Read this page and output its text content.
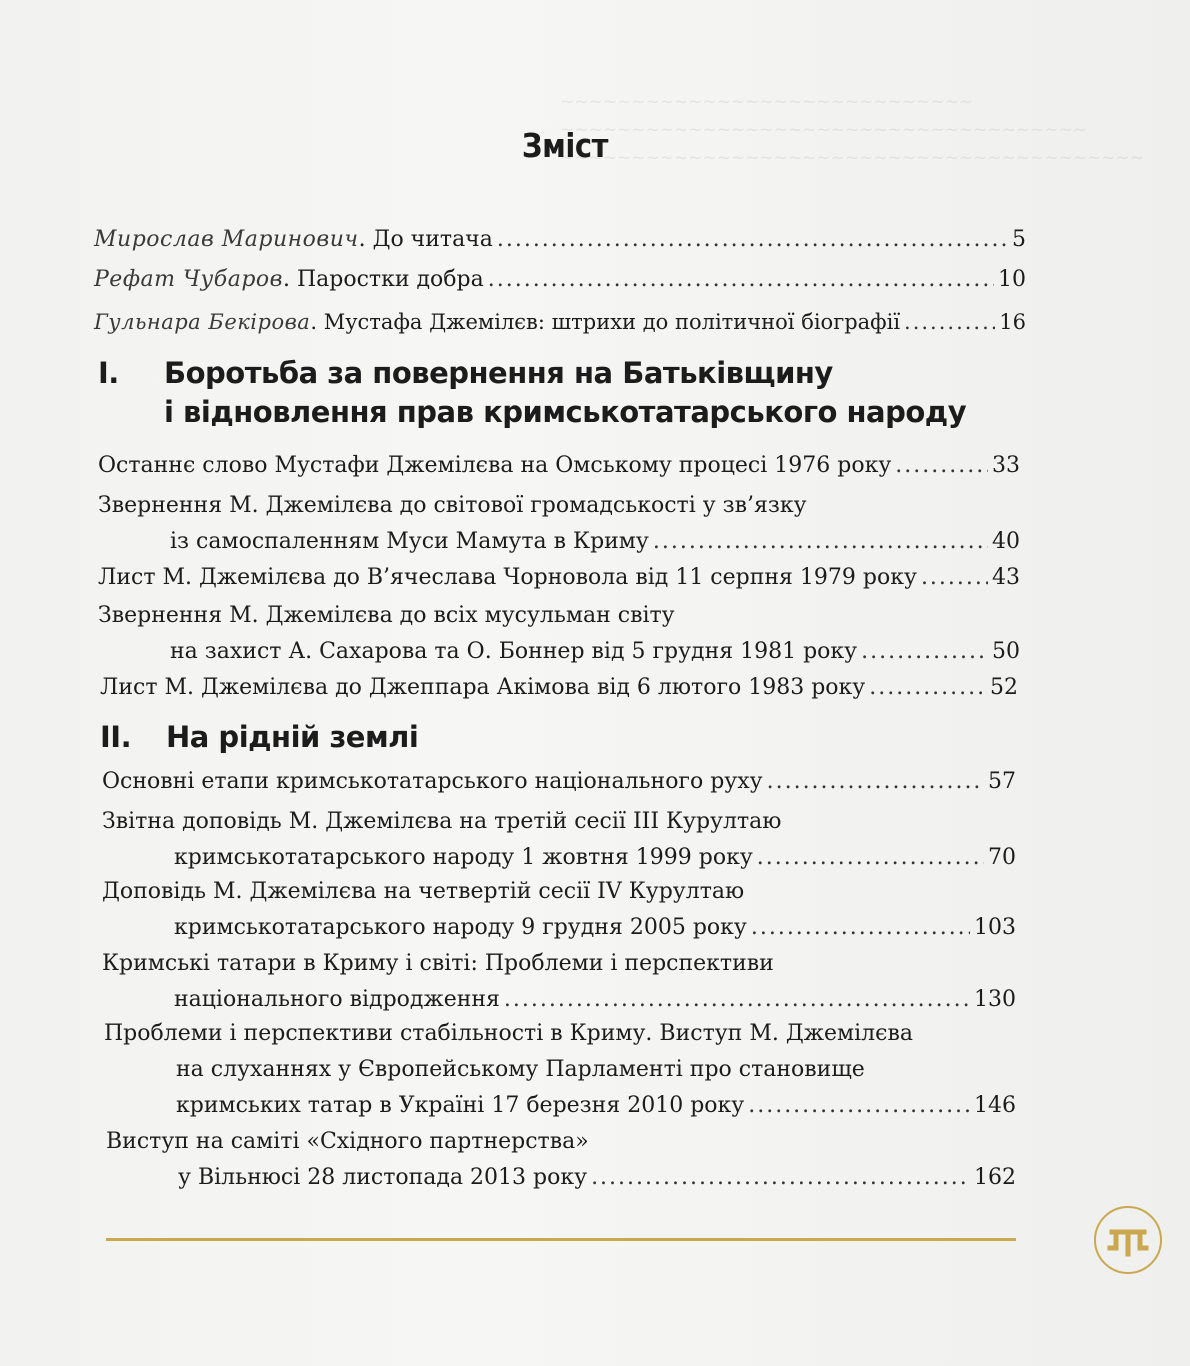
~~~~~~~~~~~~~~~~~~~~~~~~~~~~~
~~~~~~~~~~~~~~~~~~~~~~~~~~~~~~~~~~~~~
~~~~~~~~~~~~~~~~~~~~~~~~~~~~~~~~~~~~~~~~~
Зміст
Мирослав Маринович. До читача .....	5
Рефат Чубаров. Паростки добра .....	10
Гульнара Бекірова. Мустафа Джемілєв: штрихи до політичної біографії .....	16
I. Боротьба за повернення на Батьківщину
і відновлення прав кримськотатарського народу
Останнє слово Мустафи Джемілєва на Омському процесі 1976 року .....	33
Звернення М. Джемілєва до світової громадськості у зв’язку
із самоспаленням Муси Мамута в Криму .....	40
Лист М. Джемілєва до В’ячеслава Чорновола від 11 серпня 1979 року .....	43
Звернення М. Джемілєва до всіх мусульман світу
на захист А. Сахарова та О. Боннер від 5 грудня 1981 року .....	50
Лист М. Джемілєва до Джеппара Акімова від 6 лютого 1983 року .....	52
II. На рідній землі
Основні етапи кримськотатарського національного руху .....	57
Звітна доповідь М. Джемілєва на третій сесії III Курултаю
кримськотатарського народу 1 жовтня 1999 року .....	70
Доповідь М. Джемілєва на четвертій сесії IV Курултаю
кримськотатарського народу 9 грудня 2005 року .....	103
Кримські татари в Криму і світі: Проблеми і перспективи
національного відродження .....	130
Проблеми і перспективи стабільності в Криму. Виступ М. Джемілєва
на слуханнях у Європейському Парламенті про становище
кримських татар в Україні 17 березня 2010 року .....	146
Виступ на саміті «Східного партнерства»
у Вільнюсі 28 листопада 2013 року .....	162
